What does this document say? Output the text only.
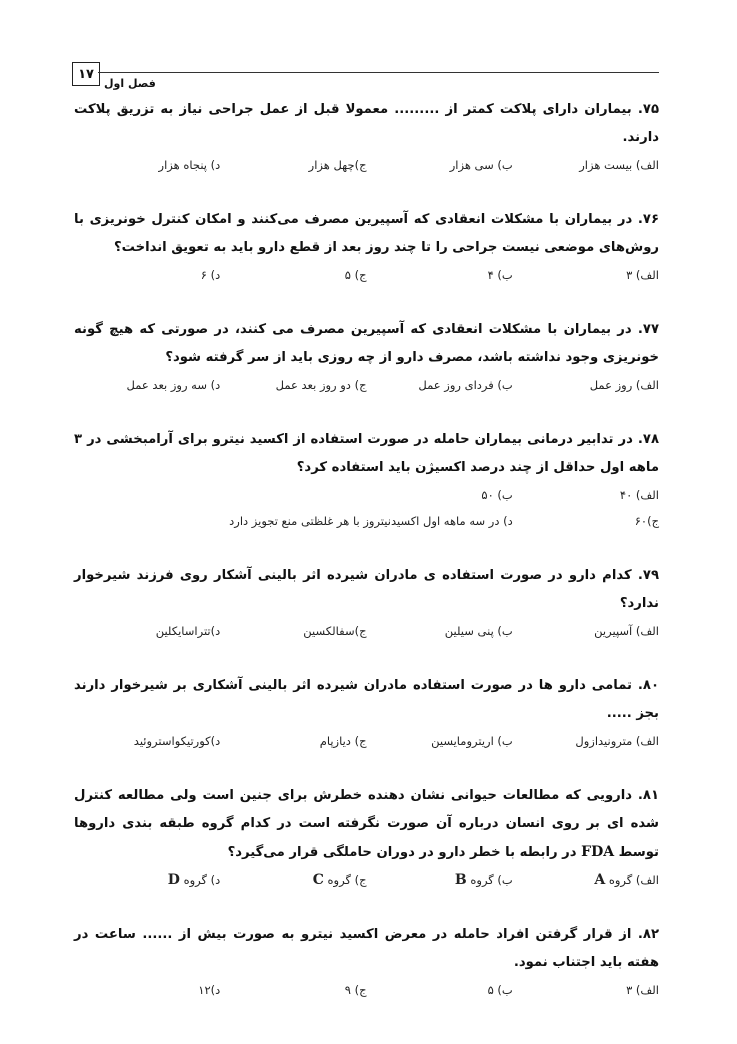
۱۷
فصل اول

۷۵. بیماران دارای پلاکت کمتر از ......... معمولا قبل از عمل جراحی نیاز به تزریق پلاکت دارند.

الف) بیست هزار
ب) سی هزار
ج)چهل هزار
د) پنجاه هزار

۷۶. در بیماران با مشکلات انعقادی که آسپیرین مصرف می‌کنند و امکان کنترل خونریزی با روش‌های موضعی نیست جراحی را تا چند روز بعد از قطع دارو باید به تعویق انداخت؟

الف) ۳
ب) ۴
ج) ۵
د) ۶

۷۷. در بیماران با مشکلات انعقادی که آسپیرین مصرف می کنند، در صورتی که هیچ گونه خونریزی وجود نداشته باشد، مصرف دارو از چه روزی باید از سر گرفته شود؟

الف) روز عمل
ب) فردای روز عمل
ج) دو روز بعد عمل
د) سه روز بعد عمل

۷۸. در تدابیر درمانی بیماران حامله در صورت استفاده از اکسید نیترو برای آرامبخشی در ۳ ماهه اول حداقل از چند درصد اکسیژن باید استفاده کرد؟

الف) ۴۰
ب) ۵۰
ج)۶۰
د) در سه ماهه اول اکسیدنیتروز با هر غلظتی منع تجویز دارد

۷۹. کدام دارو در صورت استفاده ی مادران شیرده اثر بالینی آشکار روی فرزند شیرخوار ندارد؟

الف) آسپیرین
ب) پنی سیلین
ج)سفالکسین
د)تتراسایکلین

۸۰. تمامی دارو ها در صورت استفاده مادران شیرده اثر بالینی آشکاری بر شیرخوار دارند بجز .....

الف) مترونیدازول
ب) اریترومایسین
ج) دیازپام
د)کورتیکواستروئید

۸۱. دارویی که مطالعات حیوانی نشان دهنده خطرش برای جنین است ولی مطالعه کنترل شده ای بر روی انسان درباره آن صورت نگرفته است در کدام گروه طبقه بندی داروها توسط FDA در رابطه با خطر دارو در دوران حاملگی قرار می‌گیرد؟

الف) گروه A
ب) گروه B
ج) گروه C
د) گروه D

۸۲. از قرار گرفتن افراد حامله در معرض اکسید نیترو به صورت بیش از ...... ساعت در هفته باید اجتناب نمود.

الف) ۳
ب) ۵
ج) ۹
د)۱۲
